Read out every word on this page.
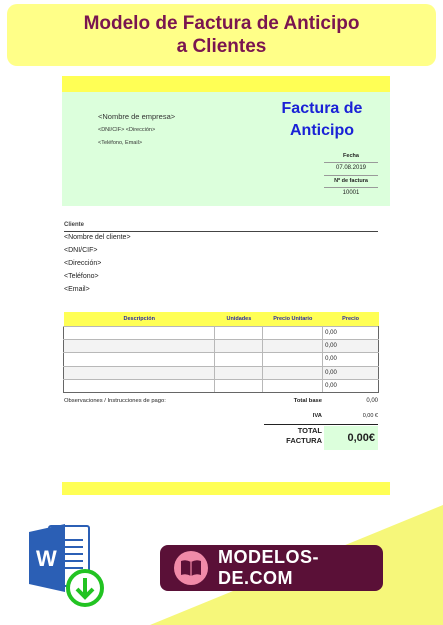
Modelo de Factura de Anticipo
a Clientes
<Nombre de empresa>
<DNI/CIF> <Dirección>
<Teléfono, Email>
Factura de
Anticipo
Fecha
07.08.2019
Nº de factura
10001
Cliente
<Nombre del cliente>
<DNI/CIF>
<Dirección>
<Teléfono>
<Email>
Descripción	Unidades	Precio Unitario	Precio
			0,00
			0,00
			0,00
			0,00
			0,00
Observaciones / Instrucciones de pago:	Total base	0,00
IVA	0,00 €
TOTAL
FACTURA	0,00€
W	MODELOS-DE.COM
